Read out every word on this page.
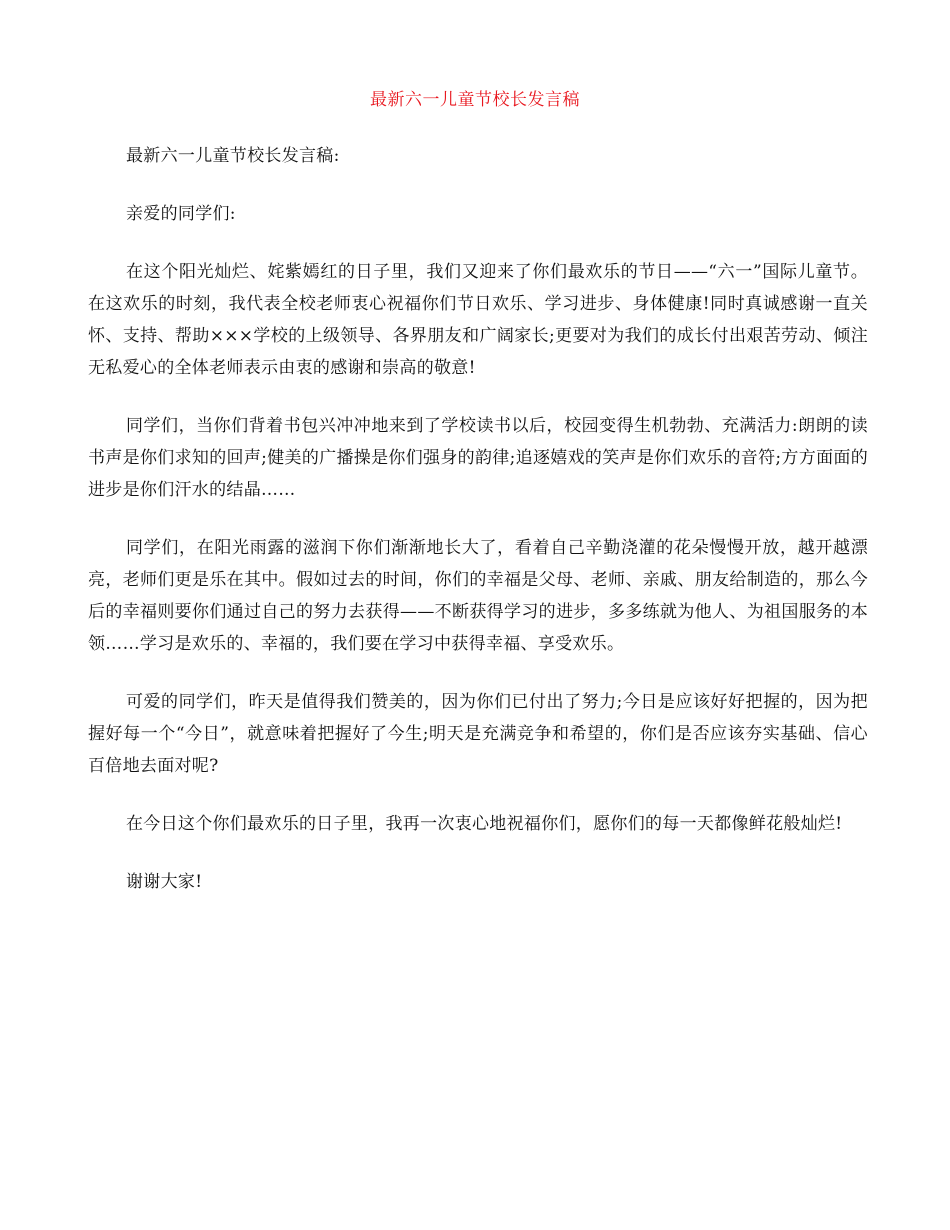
最新六一儿童节校长发言稿

最新六一儿童节校长发言稿:

亲爱的同学们:

在这个阳光灿烂、姹紫嫣红的日子里，我们又迎来了你们最欢乐的节日——“六一”国际儿童节。在这欢乐的时刻，我代表全校老师衷心祝福你们节日欢乐、学习进步、身体健康!同时真诚感谢一直关怀、支持、帮助×××学校的上级领导、各界朋友和广阔家长;更要对为我们的成长付出艰苦劳动、倾注无私爱心的全体老师表示由衷的感谢和崇高的敬意!

同学们，当你们背着书包兴冲冲地来到了学校读书以后，校园变得生机勃勃、充满活力:朗朗的读书声是你们求知的回声;健美的广播操是你们强身的韵律;追逐嬉戏的笑声是你们欢乐的音符;方方面面的进步是你们汗水的结晶……

同学们，在阳光雨露的滋润下你们渐渐地长大了，看着自己辛勤浇灌的花朵慢慢开放，越开越漂亮，老师们更是乐在其中。假如过去的时间，你们的幸福是父母、老师、亲戚、朋友给制造的，那么今后的幸福则要你们通过自己的努力去获得——不断获得学习的进步，多多练就为他人、为祖国服务的本领……学习是欢乐的、幸福的，我们要在学习中获得幸福、享受欢乐。

可爱的同学们，昨天是值得我们赞美的，因为你们已付出了努力;今日是应该好好把握的，因为把握好每一个“今日”，就意味着把握好了今生;明天是充满竞争和希望的，你们是否应该夯实基础、信心百倍地去面对呢?

在今日这个你们最欢乐的日子里，我再一次衷心地祝福你们，愿你们的每一天都像鲜花般灿烂!

谢谢大家!
